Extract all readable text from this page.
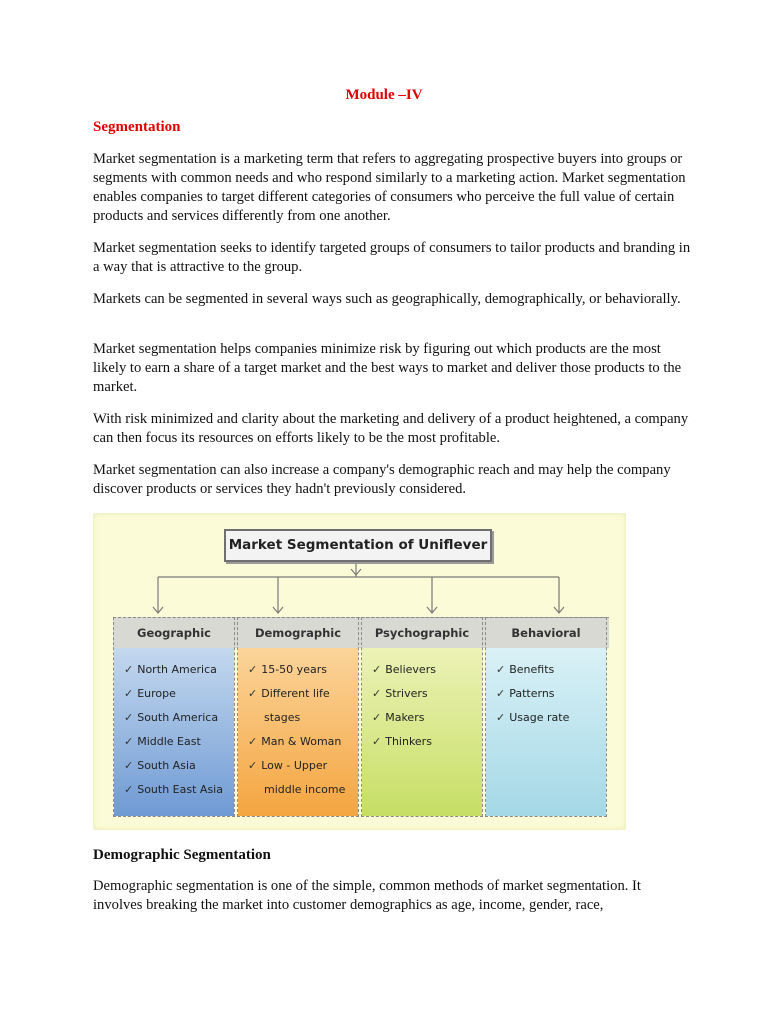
Module –IV
Segmentation

Market segmentation is a marketing term that refers to aggregating prospective buyers into groups or segments with common needs and who respond similarly to a marketing action. Market segmentation enables companies to target different categories of consumers who perceive the full value of certain products and services differently from one another.

Market segmentation seeks to identify targeted groups of consumers to tailor products and branding in a way that is attractive to the group.

Markets can be segmented in several ways such as geographically, demographically, or behaviorally.

Market segmentation helps companies minimize risk by figuring out which products are the most likely to earn a share of a target market and the best ways to market and deliver those products to the market.

With risk minimized and clarity about the marketing and delivery of a product heightened, a company can then focus its resources on efforts likely to be the most profitable.

Market segmentation can also increase a company's demographic reach and may help the company discover products or services they hadn't previously considered.

Market Segmentation of Uniflever
Geographic
✓ North America
✓ Europe
✓ South America
✓ Middle East
✓ South Asia
✓ South East Asia
Demographic
✓ 15-50 years
✓ Different life
stages
✓ Man & Woman
✓ Low - Upper
middle income
Psychographic
✓ Believers
✓ Strivers
✓ Makers
✓ Thinkers
Behavioral
✓ Benefits
✓ Patterns
✓ Usage rate
Demographic Segmentation

Demographic segmentation is one of the simple, common methods of market segmentation. It involves breaking the market into customer demographics as age, income, gender, race,
